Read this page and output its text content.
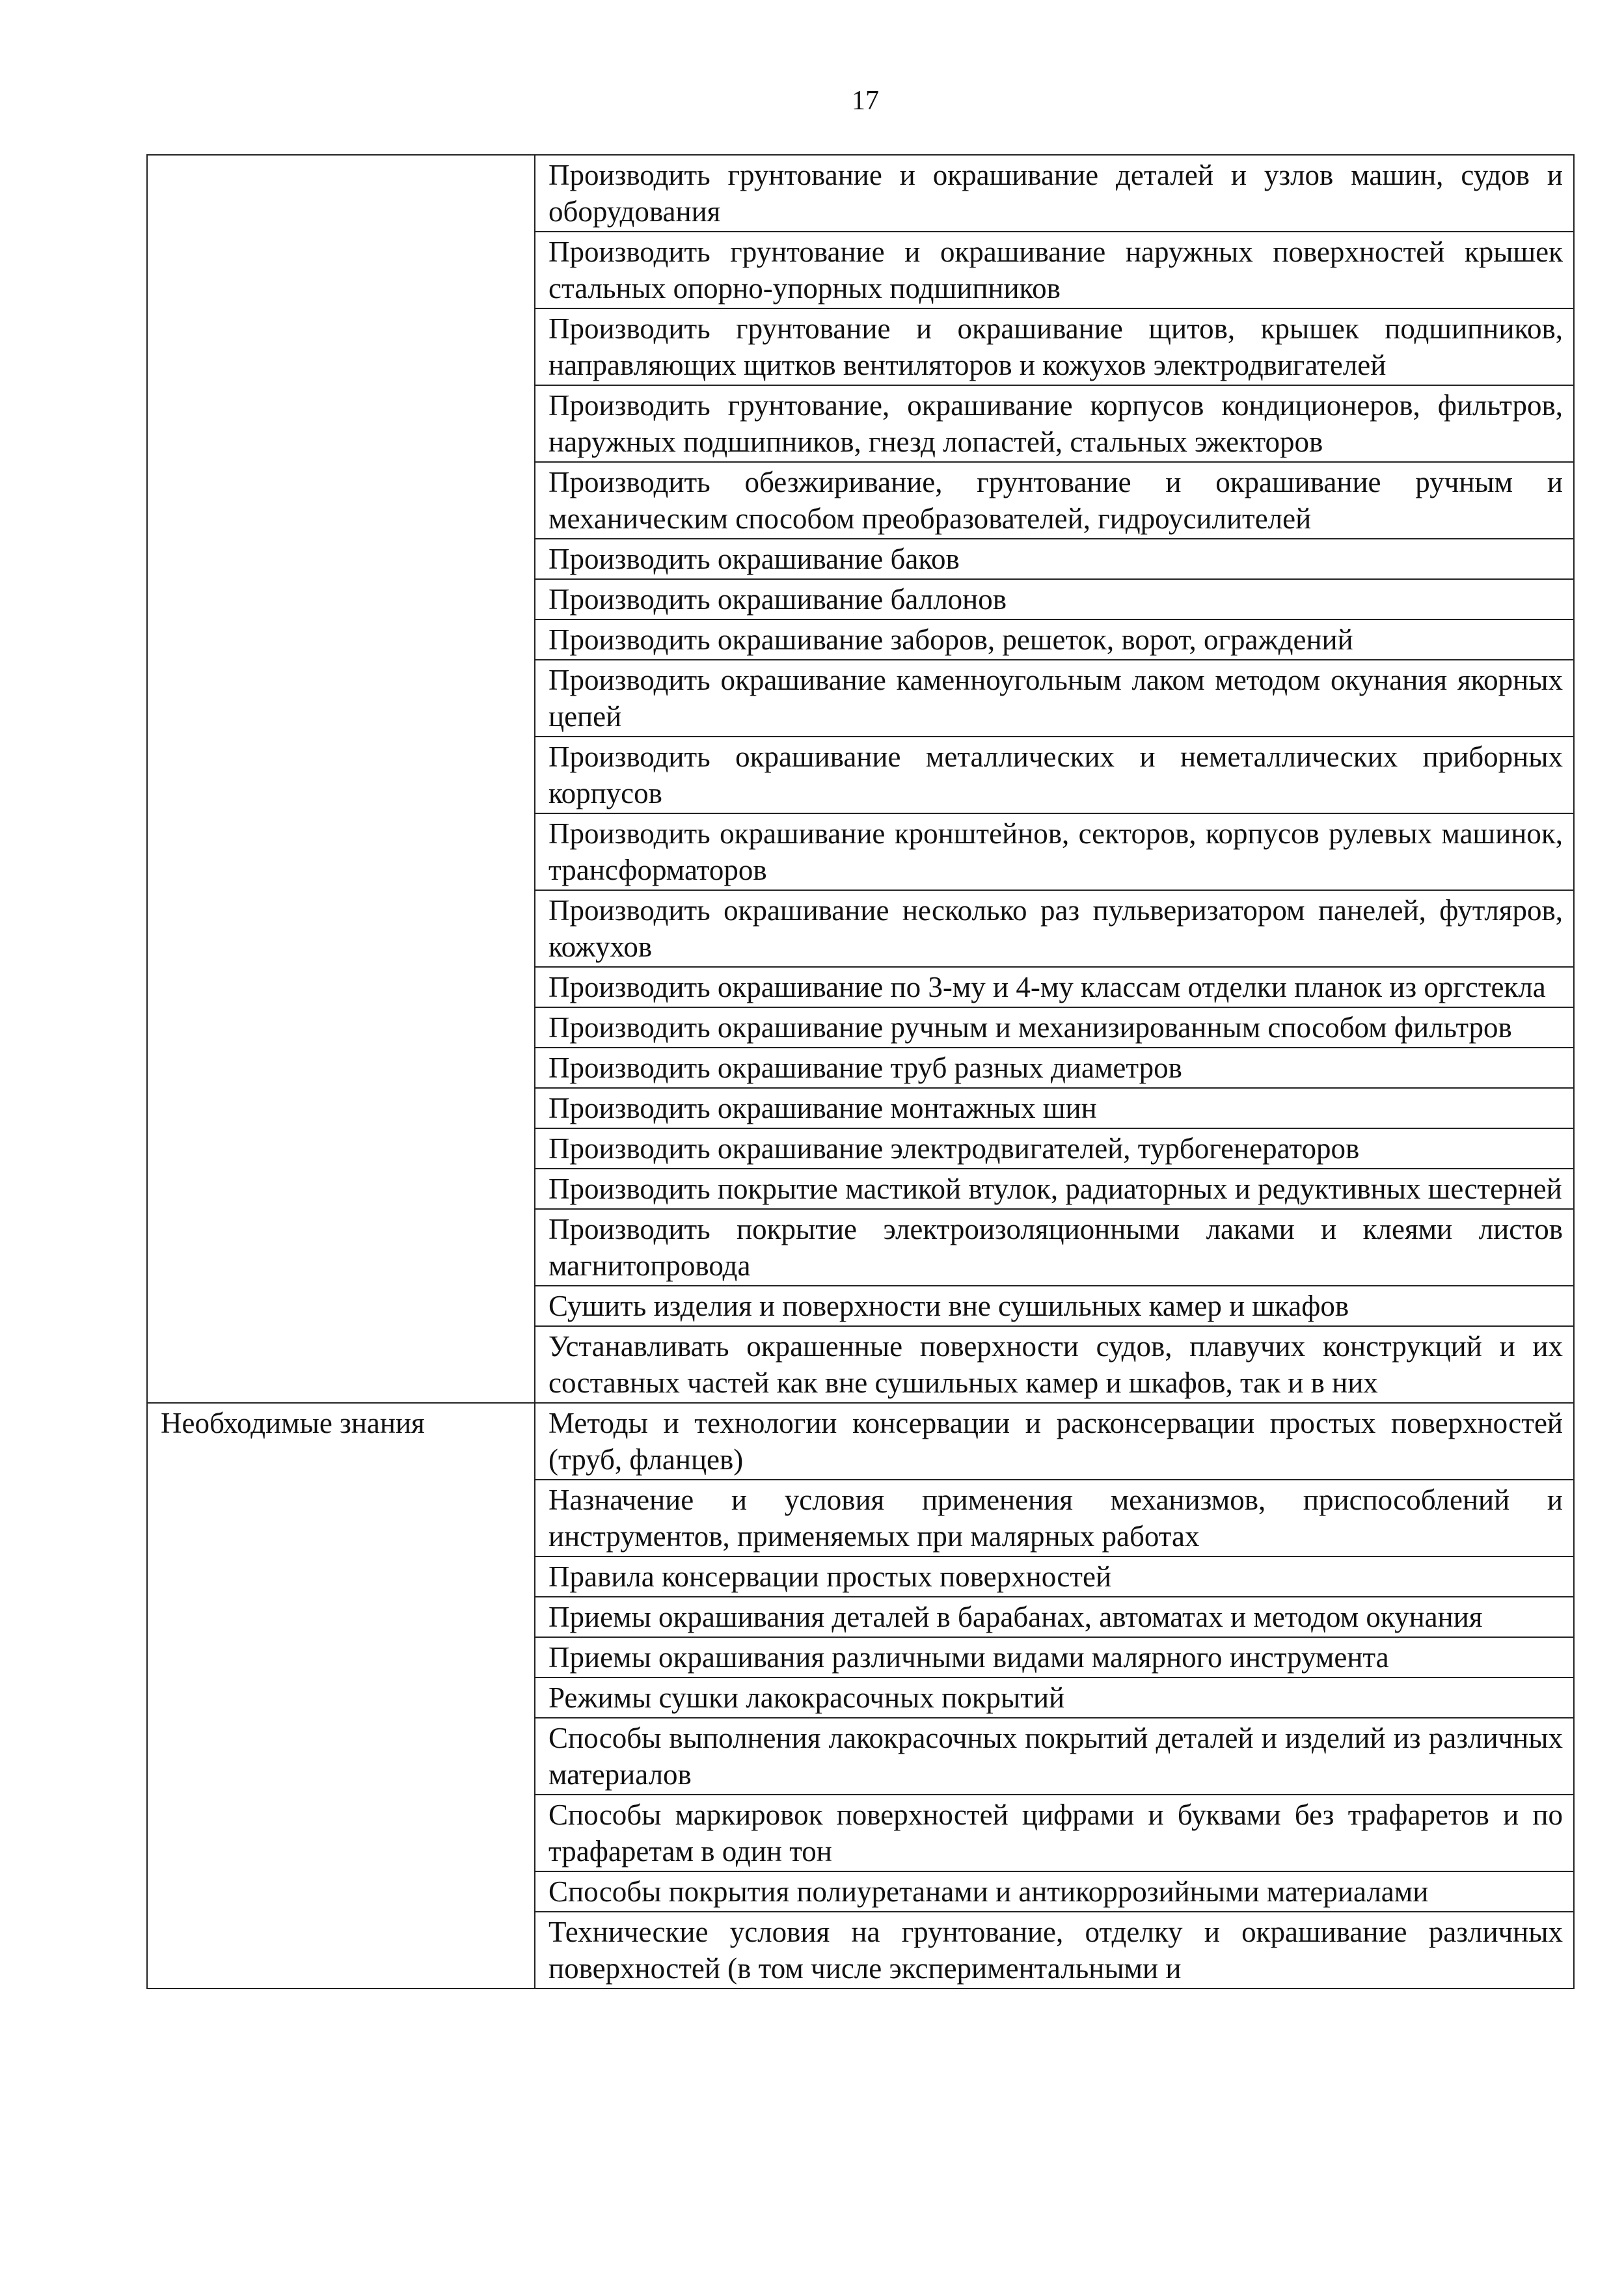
17
	Производить грунтование и окрашивание деталей и узлов машин, судов и оборудования
	Производить грунтование и окрашивание наружных поверхностей крышек стальных опорно-упорных подшипников
	Производить грунтование и окрашивание щитов, крышек подшипников, направляющих щитков вентиляторов и кожухов электродвигателей
	Производить грунтование, окрашивание корпусов кондиционеров, фильтров, наружных подшипников, гнезд лопастей, стальных эжекторов
	Производить обезжиривание, грунтование и окрашивание ручным и механическим способом преобразователей, гидроусилителей
	Производить окрашивание баков
	Производить окрашивание баллонов
	Производить окрашивание заборов, решеток, ворот, ограждений
	Производить окрашивание каменноугольным лаком методом окунания якорных цепей
	Производить окрашивание металлических и неметаллических приборных корпусов
	Производить окрашивание кронштейнов, секторов, корпусов рулевых машинок, трансформаторов
	Производить окрашивание несколько раз пульверизатором панелей, футляров, кожухов
	Производить окрашивание по 3-му и 4-му классам отделки планок из оргстекла
	Производить окрашивание ручным и механизированным способом фильтров
	Производить окрашивание труб разных диаметров
	Производить окрашивание монтажных шин
	Производить окрашивание электродвигателей, турбогенераторов
	Производить покрытие мастикой втулок, радиаторных и редуктивных шестерней
	Производить покрытие электроизоляционными лаками и клеями листов магнитопровода
	Сушить изделия и поверхности вне сушильных камер и шкафов
	Устанавливать окрашенные поверхности судов, плавучих конструкций и их составных частей как вне сушильных камер и шкафов, так и в них
Необходимые знания	Методы и технологии консервации и расконсервации простых поверхностей (труб, фланцев)
	Назначение и условия применения механизмов, приспособлений и инструментов, применяемых при малярных работах
	Правила консервации простых поверхностей
	Приемы окрашивания деталей в барабанах, автоматах и методом окунания
	Приемы окрашивания различными видами малярного инструмента
	Режимы сушки лакокрасочных покрытий
	Способы выполнения лакокрасочных покрытий деталей и изделий из различных материалов
	Способы маркировок поверхностей цифрами и буквами без трафаретов и по трафаретам в один тон
	Способы покрытия полиуретанами и антикоррозийными материалами
	Технические условия на грунтование, отделку и окрашивание различных поверхностей (в том числе экспериментальными и
